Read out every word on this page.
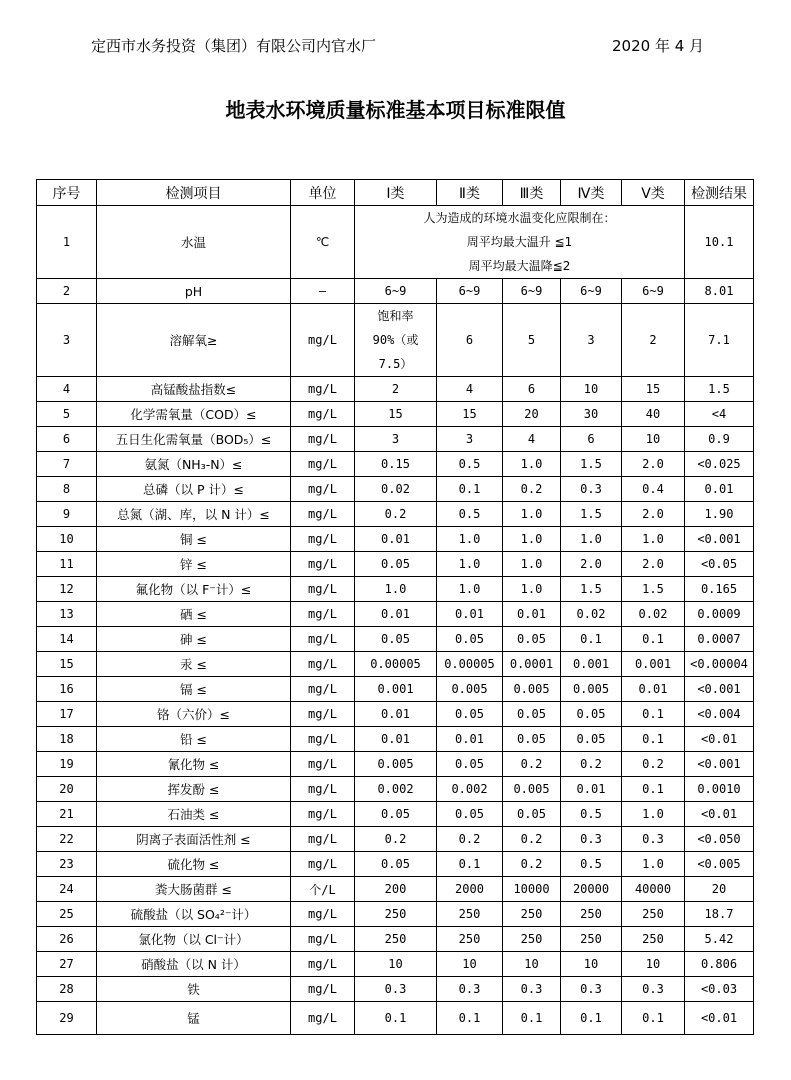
定西市水务投资（集团）有限公司内官水厂	2020 年 4 月
地表水环境质量标准基本项目标准限值
序号	检测项目	单位	Ⅰ类	Ⅱ类	Ⅲ类	Ⅳ类	Ⅴ类	检测结果
1	水温	℃	人为造成的环境水温变化应限制在：
周平均最大温升 ≦1
周平均最大温降≦2					10.1
2	pH	—	6~9	6~9	6~9	6~9	6~9	8.01
3	溶解氧≥	mg/L	饱和率
90%（或
7.5）	6	5	3	2	7.1
4	高锰酸盐指数≤	mg/L	2	4	6	10	15	1.5
5	化学需氧量（COD）≤	mg/L	15	15	20	30	40	<4
6	五日生化需氧量（BOD₅）≤	mg/L	3	3	4	6	10	0.9
7	氨氮（NH₃-N）≤	mg/L	0.15	0.5	1.0	1.5	2.0	<0.025
8	总磷（以 P 计）≤	mg/L	0.02	0.1	0.2	0.3	0.4	0.01
9	总氮（湖、库，以 N 计）≤	mg/L	0.2	0.5	1.0	1.5	2.0	1.90
10	铜 ≤	mg/L	0.01	1.0	1.0	1.0	1.0	<0.001
11	锌 ≤	mg/L	0.05	1.0	1.0	2.0	2.0	<0.05
12	氟化物（以 F⁻计）≤	mg/L	1.0	1.0	1.0	1.5	1.5	0.165
13	硒 ≤	mg/L	0.01	0.01	0.01	0.02	0.02	0.0009
14	砷 ≤	mg/L	0.05	0.05	0.05	0.1	0.1	0.0007
15	汞 ≤	mg/L	0.00005	0.00005	0.0001	0.001	0.001	<0.00004
16	镉 ≤	mg/L	0.001	0.005	0.005	0.005	0.01	<0.001
17	铬（六价）≤	mg/L	0.01	0.05	0.05	0.05	0.1	<0.004
18	铅 ≤	mg/L	0.01	0.01	0.05	0.05	0.1	<0.01
19	氰化物 ≤	mg/L	0.005	0.05	0.2	0.2	0.2	<0.001
20	挥发酚 ≤	mg/L	0.002	0.002	0.005	0.01	0.1	0.0010
21	石油类 ≤	mg/L	0.05	0.05	0.05	0.5	1.0	<0.01
22	阴离子表面活性剂 ≤	mg/L	0.2	0.2	0.2	0.3	0.3	<0.050
23	硫化物 ≤	mg/L	0.05	0.1	0.2	0.5	1.0	<0.005
24	粪大肠菌群 ≤	个/L	200	2000	10000	20000	40000	20
25	硫酸盐（以 SO₄²⁻计）	mg/L	250	250	250	250	250	18.7
26	氯化物（以 Cl⁻计）	mg/L	250	250	250	250	250	5.42
27	硝酸盐（以 N 计）	mg/L	10	10	10	10	10	0.806
28	铁	mg/L	0.3	0.3	0.3	0.3	0.3	<0.03
29	锰	mg/L	0.1	0.1	0.1	0.1	0.1	<0.01
